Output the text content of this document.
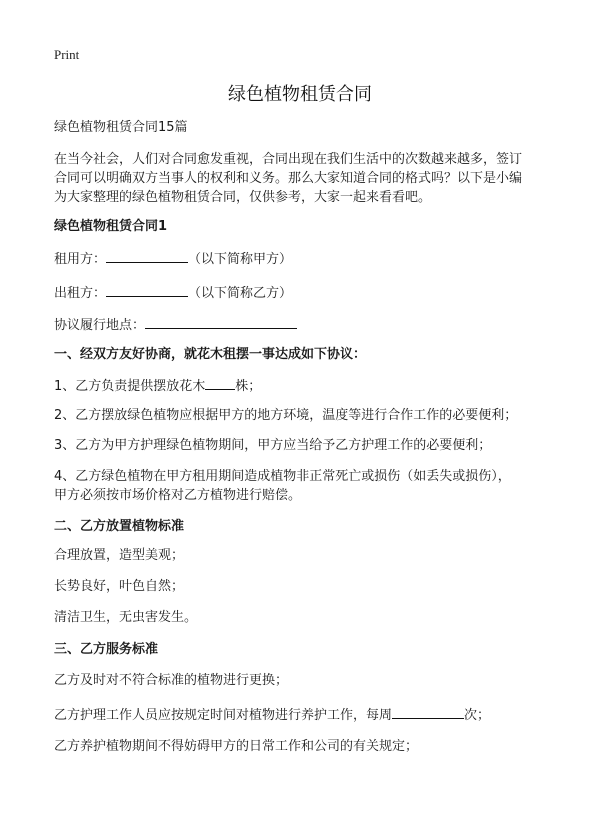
Print
绿色植物租赁合同
绿色植物租赁合同15篇
在当今社会，人们对合同愈发重视，合同出现在我们生活中的次数越来越多，签订
合同可以明确双方当事人的权利和义务。那么大家知道合同的格式吗？以下是小编
为大家整理的绿色植物租赁合同，仅供参考，大家一起来看看吧。
绿色植物租赁合同1
租用方：	（以下简称甲方）
出租方：	（以下简称乙方）
协议履行地点：
一、经双方友好协商，就花木租摆一事达成如下协议：
1、乙方负责提供摆放花木 株；
2、乙方摆放绿色植物应根据甲方的地方环境，温度等进行合作工作的必要便利；
3、乙方为甲方护理绿色植物期间，甲方应当给予乙方护理工作的必要便利；
4、乙方绿色植物在甲方租用期间造成植物非正常死亡或损伤（如丢失或损伤），
甲方必须按市场价格对乙方植物进行赔偿。
二、乙方放置植物标准
合理放置，造型美观；
长势良好，叶色自然；
清洁卫生，无虫害发生。
三、乙方服务标准
乙方及时对不符合标准的植物进行更换；
乙方护理工作人员应按规定时间对植物进行养护工作，每周	次；
乙方养护植物期间不得妨碍甲方的日常工作和公司的有关规定；
